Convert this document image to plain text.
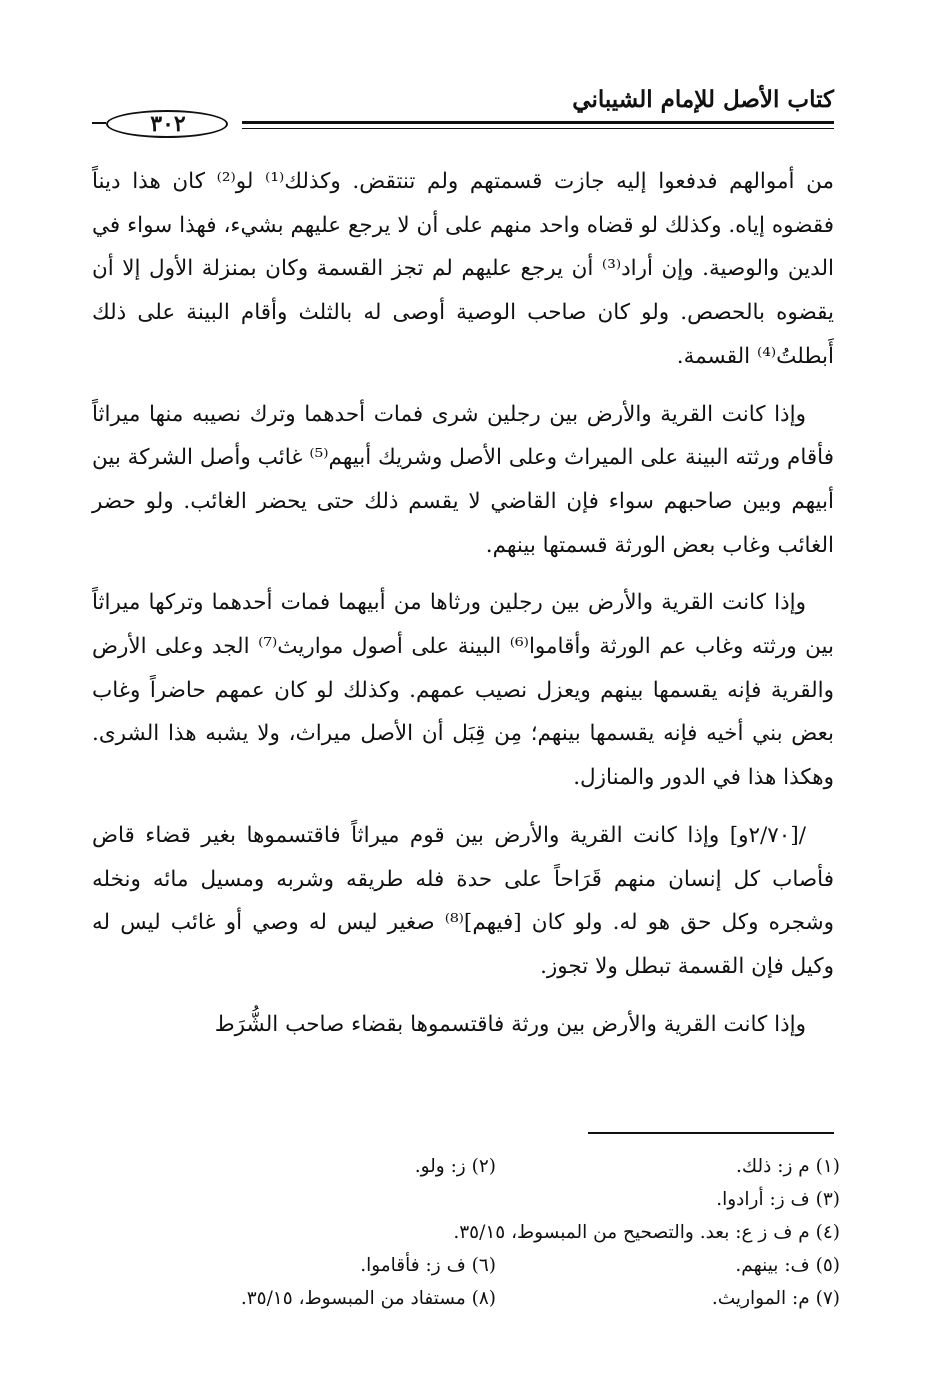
كتاب الأصل للإمام الشيباني
٣٠٢

من أموالهم فدفعوا إليه جازت قسمتهم ولم تنتقض. وكذلك⁽¹⁾ لو⁽²⁾ كان هذا ديناً فقضوه إياه. وكذلك لو قضاه واحد منهم على أن لا يرجع عليهم بشيء، فهذا سواء في الدين والوصية. وإن أراد⁽³⁾ أن يرجع عليهم لم تجز القسمة وكان بمنزلة الأول إلا أن يقضوه بالحصص. ولو كان صاحب الوصية أوصى له بالثلث وأقام البينة على ذلك أَبطلتُ⁽⁴⁾ القسمة.

وإذا كانت القرية والأرض بين رجلين شرى فمات أحدهما وترك نصيبه منها ميراثاً فأقام ورثته البينة على الميراث وعلى الأصل وشريك أبيهم⁽⁵⁾ غائب وأصل الشركة بين أبيهم وبين صاحبهم سواء فإن القاضي لا يقسم ذلك حتى يحضر الغائب. ولو حضر الغائب وغاب بعض الورثة قسمتها بينهم.

وإذا كانت القرية والأرض بين رجلين ورثاها من أبيهما فمات أحدهما وتركها ميراثاً بين ورثته وغاب عم الورثة وأقاموا⁽⁶⁾ البينة على أصول مواريث⁽⁷⁾ الجد وعلى الأرض والقرية فإنه يقسمها بينهم ويعزل نصيب عمهم. وكذلك لو كان عمهم حاضراً وغاب بعض بني أخيه فإنه يقسمها بينهم؛ مِن قِبَل أن الأصل ميراث، ولا يشبه هذا الشرى. وهكذا هذا في الدور والمنازل.

/[٢/٧٠و] وإذا كانت القرية والأرض بين قوم ميراثاً فاقتسموها بغير قضاء قاض فأصاب كل إنسان منهم قَرَاحاً على حدة فله طريقه وشربه ومسيل مائه ونخله وشجره وكل حق هو له. ولو كان [فيهم]⁽⁸⁾ صغير ليس له وصي أو غائب ليس له وكيل فإن القسمة تبطل ولا تجوز.

وإذا كانت القرية والأرض بين ورثة فاقتسموها بقضاء صاحب الشُّرَط

(١) م ز: ذلك.
(٢) ز: ولو.
(٣) ف ز: أرادوا.
(٤) م ف ز ع: بعد. والتصحيح من المبسوط، ٣٥/١٥.
(٥) ف: بينهم.
(٦) ف ز: فأقاموا.
(٧) م: المواريث.
(٨) مستفاد من المبسوط، ٣٥/١٥.
